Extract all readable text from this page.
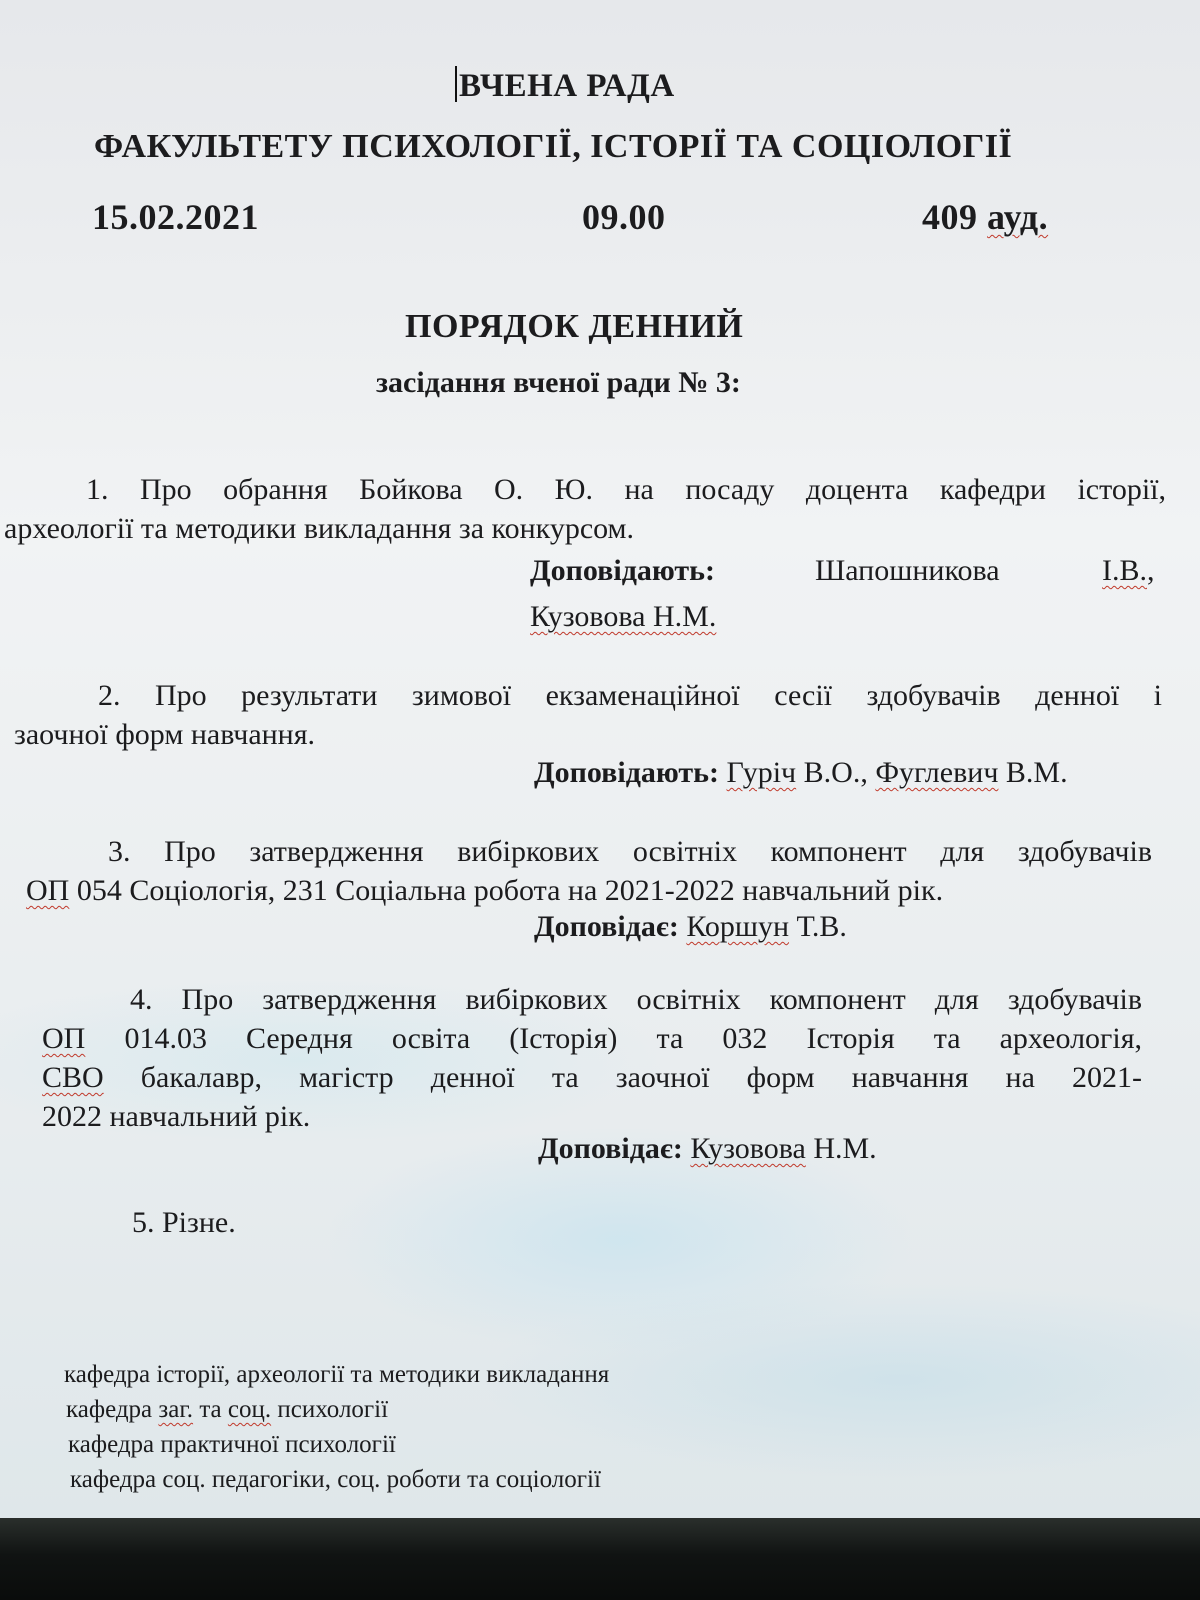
ВЧЕНА РАДА
ФАКУЛЬТЕТУ ПСИХОЛОГІЇ, ІСТОРІЇ ТА СОЦІОЛОГІЇ
15.02.2021	09.00	409 ауд.
ПОРЯДОК ДЕННИЙ
засідання вченої ради № 3:
1. Про обрання Бойкова О. Ю. на посаду доцента кафедри історії,
археології та методики викладання за конкурсом.
Доповідають:	Шапошникова	І.В.,
Кузовова Н.М.
2. Про результати зимової екзаменаційної сесії здобувачів денної і
заочної форм навчання.
Доповідають: Гуріч В.О., Фуглевич В.М.
3. Про затвердження вибіркових освітніх компонент для здобувачів
ОП 054 Соціологія, 231 Соціальна робота на 2021-2022 навчальний рік.
Доповідає: Коршун Т.В.
4. Про затвердження вибіркових освітніх компонент для здобувачів
ОП 014.03 Середня освіта (Історія) та 032 Історія та археологія,
СВО бакалавр, магістр денної та заочної форм навчання на 2021-
2022 навчальний рік.
Доповідає: Кузовова Н.М.
5. Різне.
кафедра історії, археології та методики викладання
кафедра заг. та соц. психології
кафедра практичної психології
кафедра соц. педагогіки, соц. роботи та соціології
